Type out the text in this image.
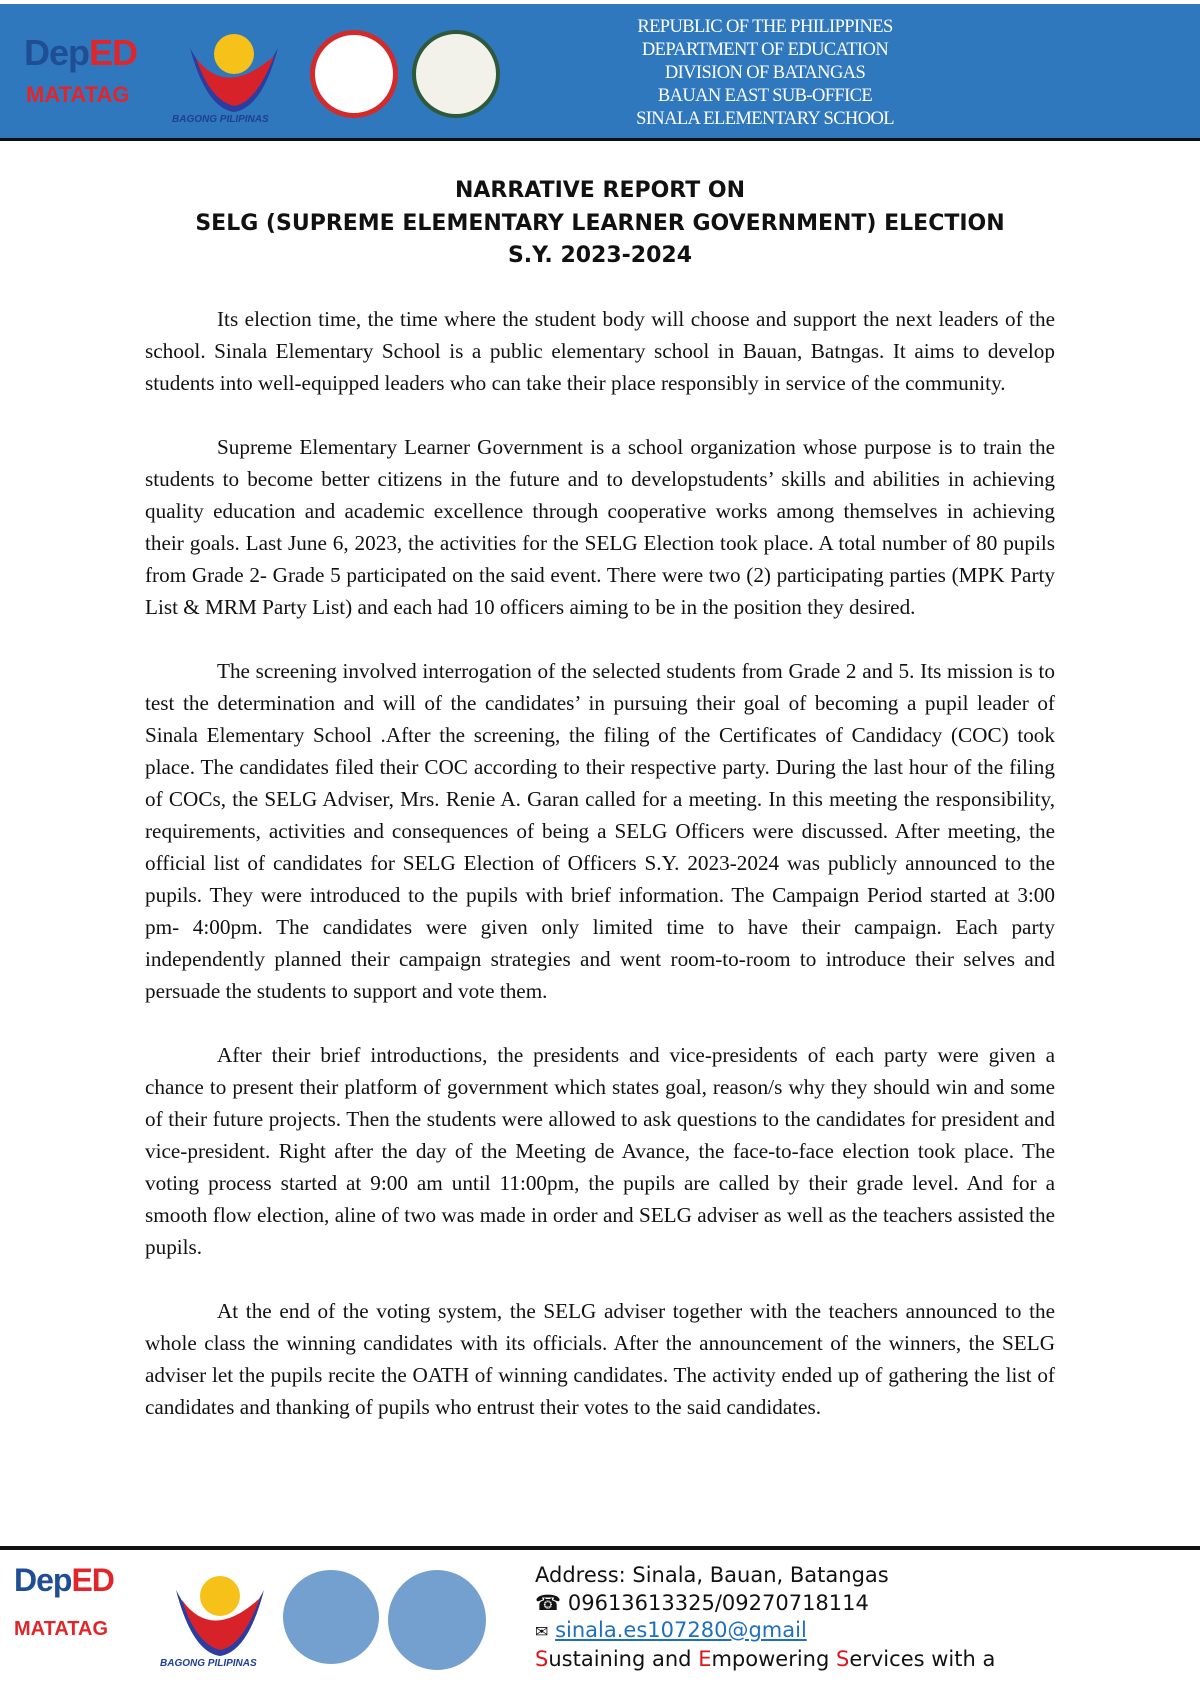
DepED
MATATAG
BAGONG PILIPINAS
REPUBLIC OF THE PHILIPPINES
DEPARTMENT OF EDUCATION
DIVISION OF BATANGAS
BAUAN EAST SUB-OFFICE
SINALA ELEMENTARY SCHOOL
NARRATIVE REPORT ON
SELG (SUPREME ELEMENTARY LEARNER GOVERNMENT) ELECTION
S.Y. 2023-2024

Its election time, the time where the student body will choose and support the next leaders of the school. Sinala Elementary School is a public elementary school in Bauan, Batngas. It aims to develop students into well-equipped leaders who can take their place responsibly in service of the community.

Supreme Elementary Learner Government is a school organization whose purpose is to train the students to become better citizens in the future and to developstudents’ skills and abilities in achieving quality education and academic excellence through cooperative works among themselves in achieving their goals. Last June 6, 2023, the activities for the SELG Election took place. A total number of 80 pupils from Grade 2- Grade 5 participated on the said event. There were two (2) participating parties (MPK Party List & MRM Party List) and each had 10 officers aiming to be in the position they desired.

The screening involved interrogation of the selected students from Grade 2 and 5. Its mission is to test the determination and will of the candidates’ in pursuing their goal of becoming a pupil leader of Sinala Elementary School .After the screening, the filing of the Certificates of Candidacy (COC) took place. The candidates filed their COC according to their respective party. During the last hour of the filing of COCs, the SELG Adviser, Mrs. Renie A. Garan called for a meeting. In this meeting the responsibility, requirements, activities and consequences of being a SELG Officers were discussed. After meeting, the official list of candidates for SELG Election of Officers S.Y. 2023-2024 was publicly announced to the pupils. They were introduced to the pupils with brief information. The Campaign Period started at 3:00 pm- 4:00pm. The candidates were given only limited time to have their campaign. Each party independently planned their campaign strategies and went room-to-room to introduce their selves and persuade the students to support and vote them.

After their brief introductions, the presidents and vice-presidents of each party were given a chance to present their platform of government which states goal, reason/s why they should win and some of their future projects. Then the students were allowed to ask questions to the candidates for president and vice-president. Right after the day of the Meeting de Avance, the face-to-face election took place. The voting process started at 9:00 am until 11:00pm, the pupils are called by their grade level. And for a smooth flow election, aline of two was made in order and SELG adviser as well as the teachers assisted the pupils.

At the end of the voting system, the SELG adviser together with the teachers announced to the whole class the winning candidates with its officials. After the announcement of the winners, the SELG adviser let the pupils recite the OATH of winning candidates. The activity ended up of gathering the list of candidates and thanking of pupils who entrust their votes to the said candidates.

DepED
MATATAG
BAGONG PILIPINAS
Address: Sinala, Bauan, Batangas
☎ 09613613325/09270718114
✉ sinala.es107280@gmail
Sustaining and Empowering Services with a
